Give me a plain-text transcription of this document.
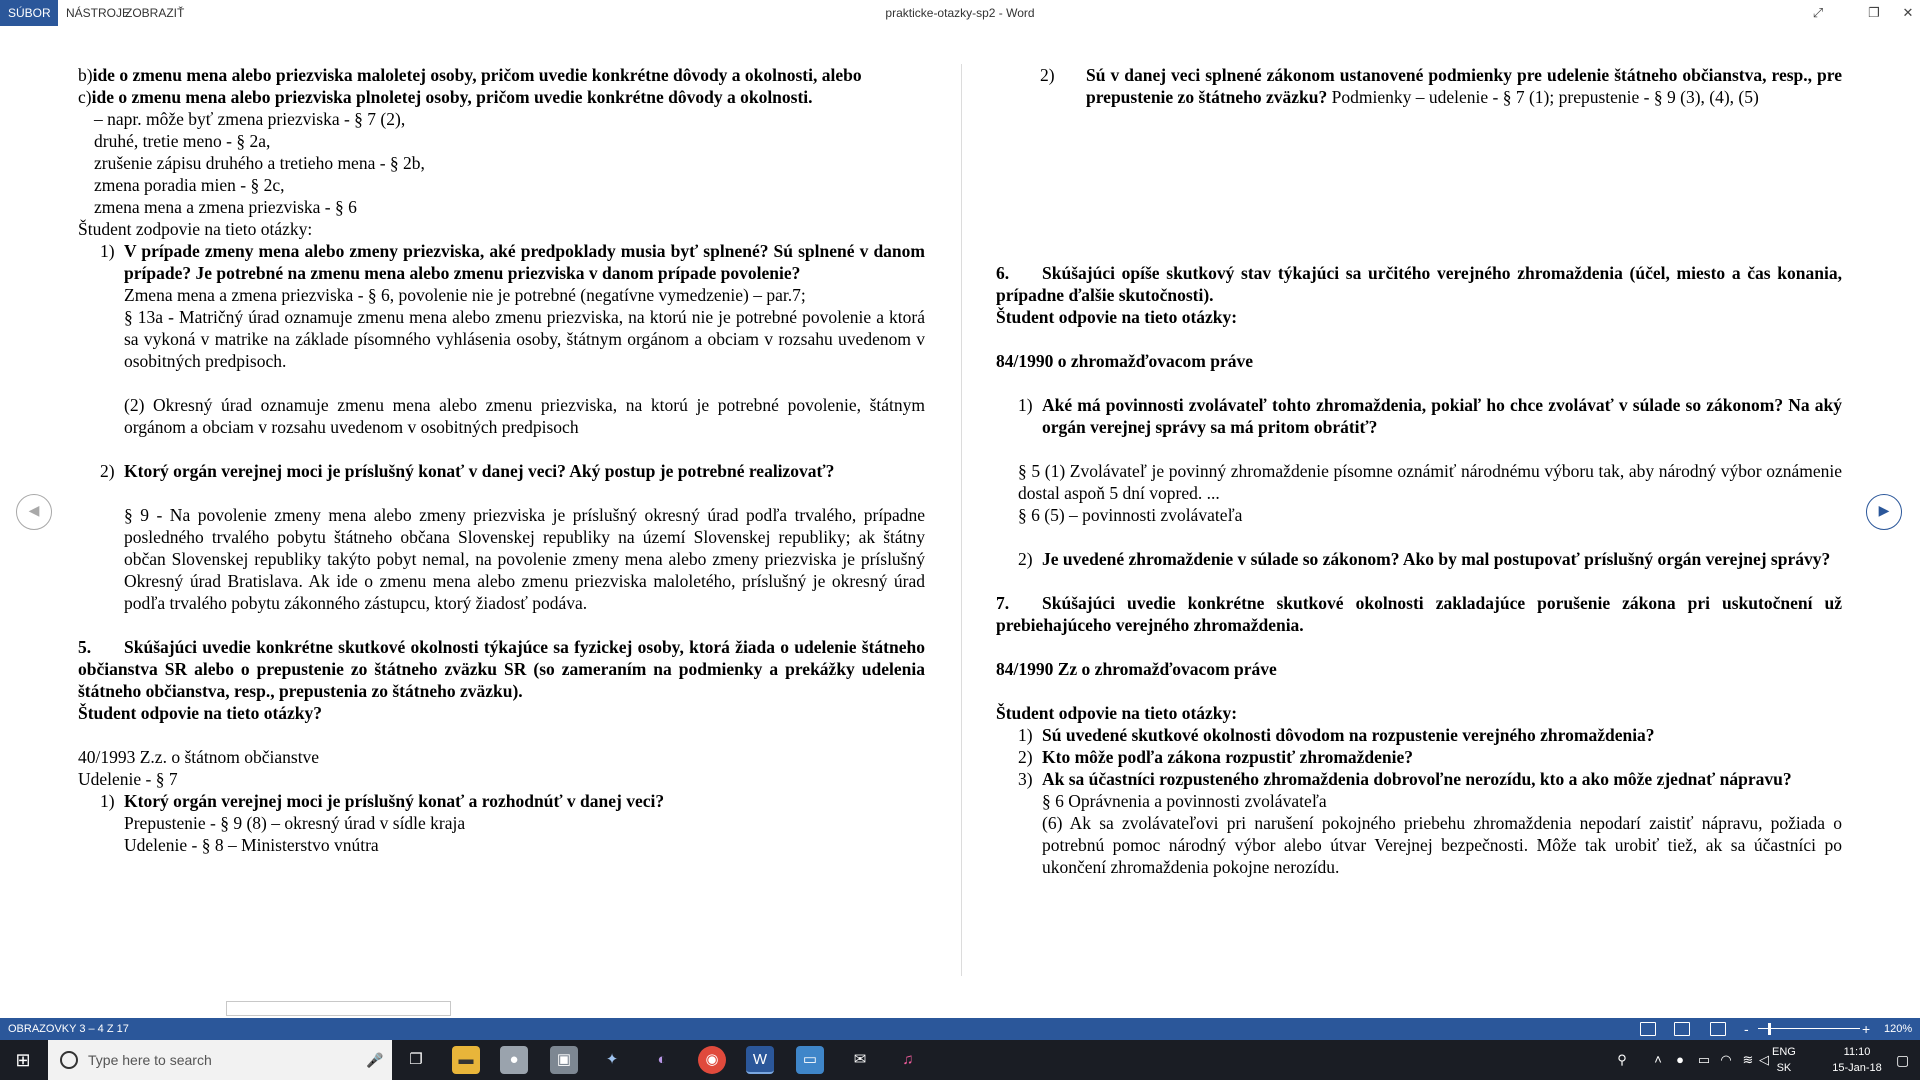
SÚBOR	NÁSTROJE
ZOBRAZIŤ	prakticke-otazky-sp2 - Word	⤢	❐	✕
b) ide o zmenu mena alebo priezviska maloletej osoby, pričom uvedie konkrétne dôvody a okolnosti, alebo
c) ide o zmenu mena alebo priezviska plnoletej osoby, pričom uvedie konkrétne dôvody a okolnosti.
– napr. môže byť zmena priezviska - § 7 (2),
druhé, tretie meno - § 2a,
zrušenie zápisu druhého a tretieho mena - § 2b,
zmena poradia mien - § 2c,
zmena mena a zmena priezviska - § 6
Študent zodpovie na tieto otázky:
1) V prípade zmeny mena alebo zmeny priezviska, aké predpoklady musia byť splnené? Sú splnené v danom prípade? Je potrebné na zmenu mena alebo zmenu priezviska v danom prípade povolenie?
Zmena mena a zmena priezviska - § 6, povolenie nie je potrebné (negatívne vymedzenie) – par.7;
§ 13a - Matričný úrad oznamuje zmenu mena alebo zmenu priezviska, na ktorú nie je potrebné povolenie a ktorá sa vykoná v matrike na základe písomného vyhlásenia osoby, štátnym orgánom a obciam v rozsahu uvedenom v osobitných predpisoch.
(2) Okresný úrad oznamuje zmenu mena alebo zmenu priezviska, na ktorú je potrebné povolenie, štátnym orgánom a obciam v rozsahu uvedenom v osobitných predpisoch
2) Ktorý orgán verejnej moci je príslušný konať v danej veci? Aký postup je potrebné realizovať?
§ 9 - Na povolenie zmeny mena alebo zmeny priezviska je príslušný okresný úrad podľa trvalého, prípadne posledného trvalého pobytu štátneho občana Slovenskej republiky na území Slovenskej republiky; ak štátny občan Slovenskej republiky takýto pobyt nemal, na povolenie zmeny mena alebo zmeny priezviska je príslušný Okresný úrad Bratislava. Ak ide o zmenu mena alebo zmenu priezviska maloletého, príslušný je okresný úrad podľa trvalého pobytu zákonného zástupcu, ktorý žiadosť podáva.
5.	Skúšajúci uvedie konkrétne skutkové okolnosti týkajúce sa fyzickej osoby, ktorá žiada o udelenie štátneho občianstva SR alebo o prepustenie zo štátneho zväzku SR (so zameraním na podmienky a prekážky udelenia štátneho občianstva, resp., prepustenia zo štátneho zväzku).
Študent odpovie na tieto otázky?
40/1993 Z.z. o štátnom občianstve
Udelenie - § 7
1) Ktorý orgán verejnej moci je príslušný konať a rozhodnúť v danej veci?
Prepustenie - § 9 (8) – okresný úrad v sídle kraja
Udelenie - § 8 – Ministerstvo vnútra
2)	Sú v danej veci splnené zákonom ustanovené podmienky pre udelenie štátneho občianstva, resp., pre prepustenie zo štátneho zväzku? Podmienky – udelenie - § 7 (1); prepustenie - § 9 (3), (4), (5)
6.	Skúšajúci opíše skutkový stav týkajúci sa určitého verejného zhromaždenia (účel, miesto a čas konania, prípadne ďalšie skutočnosti).
Študent odpovie na tieto otázky:
84/1990 o zhromažďovacom práve
1) Aké má povinnosti zvolávateľ tohto zhromaždenia, pokiaľ ho chce zvolávať v súlade so zákonom? Na aký orgán verejnej správy sa má pritom obrátiť?
§ 5 (1) Zvolávateľ je povinný zhromaždenie písomne oznámiť národnému výboru tak, aby národný výbor oznámenie dostal aspoň 5 dní vopred. ...
§ 6 (5) – povinnosti zvolávateľa
2) Je uvedené zhromaždenie v súlade so zákonom? Ako by mal postupovať príslušný orgán verejnej správy?
7.	Skúšajúci uvedie konkrétne skutkové okolnosti zakladajúce porušenie zákona pri uskutočnení už prebiehajúceho verejného zhromaždenia.
84/1990 Zz o zhromažďovacom práve
Študent odpovie na tieto otázky:
1) Sú uvedené skutkové okolnosti dôvodom na rozpustenie verejného zhromaždenia?
2) Kto môže podľa zákona rozpustiť zhromaždenie?
3) Ak sa účastníci rozpusteného zhromaždenia dobrovoľne nerozídu, kto a ako môže zjednať nápravu?
§ 6 Oprávnenia a povinnosti zvolávateľa
(6) Ak sa zvolávateľovi pri narušení pokojného priebehu zhromaždenia nepodarí zaistiť nápravu, požiada o potrebnú pomoc národný výbor alebo útvar Verejnej bezpečnosti. Môže tak urobiť tiež, ak sa účastníci po ukončení zhromaždenia pokojne nerozídu.
◀	▶
OBRAZOVKY 3 – 4 Z 17	-	+ 120%
⊞	Type here to search	🎤	❐	▬	●	▣	✦	◐	◉	W	▭	✉	♫	⚲	˄	●	▭ ◠ ≋ ◁ ENG
SK
11:10
15-Jan-18	▢
